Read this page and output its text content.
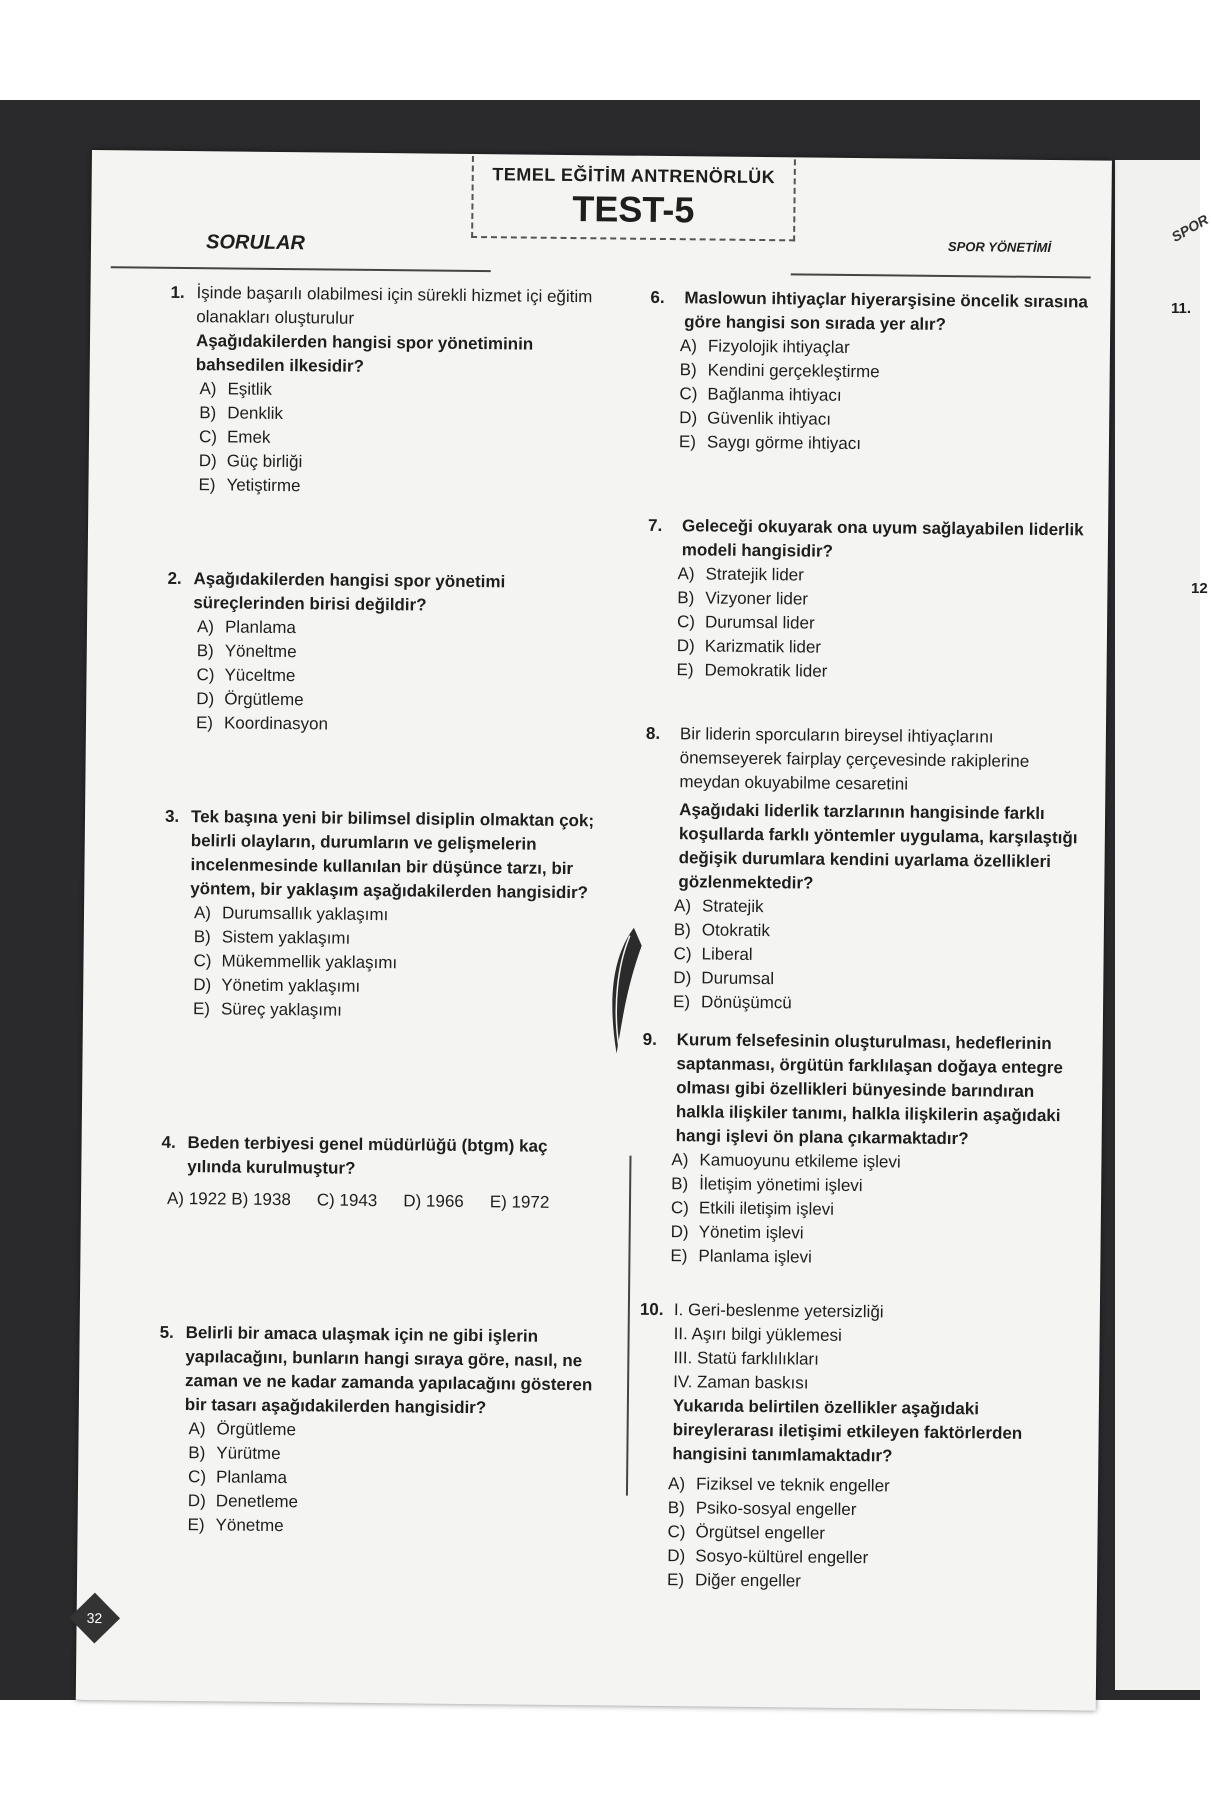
SPOR
11.
12
TEMEL EĞİTİM ANTRENÖRLÜK
TEST-5
SORULAR	SPOR YÖNETİMİ
1. İşinde başarılı olabilmesi için sürekli hizmet içi eğitim olanakları oluşturulur
Aşağıdakilerden hangisi spor yönetiminin bahsedilen ilkesidir?
A) Eşitlik
B) Denklik
C) Emek
D) Güç birliği
E) Yetiştirme
2. Aşağıdakilerden hangisi spor yönetimi süreçlerinden birisi değildir?
A) Planlama
B) Yöneltme
C) Yüceltme
D) Örgütleme
E) Koordinasyon
3. Tek başına yeni bir bilimsel disiplin olmaktan çok; belirli olayların, durumların ve gelişmelerin incelenmesinde kullanılan bir düşünce tarzı, bir yöntem, bir yaklaşım aşağıdakilerden hangisidir?
A) Durumsallık yaklaşımı
B) Sistem yaklaşımı
C) Mükemmellik yaklaşımı
D) Yönetim yaklaşımı
E) Süreç yaklaşımı
4. Beden terbiyesi genel müdürlüğü (btgm) kaç yılında kurulmuştur?
A) 1922 B) 1938 C) 1943 D) 1966 E) 1972
5. Belirli bir amaca ulaşmak için ne gibi işlerin yapılacağını, bunların hangi sıraya göre, nasıl, ne zaman ve ne kadar zamanda yapılacağını gösteren bir tasarı aşağıdakilerden hangisidir?
A) Örgütleme
B) Yürütme
C) Planlama
D) Denetleme
E) Yönetme
6.	Maslowun ihtiyaçlar hiyerarşisine öncelik sırasına göre hangisi son sırada yer alır?
A) Fizyolojik ihtiyaçlar
B) Kendini gerçekleştirme
C) Bağlanma ihtiyacı
D) Güvenlik ihtiyacı
E) Saygı görme ihtiyacı
7.	Geleceği okuyarak ona uyum sağlayabilen liderlik modeli hangisidir?
A) Stratejik lider
B) Vizyoner lider
C) Durumsal lider
D) Karizmatik lider
E) Demokratik lider
8.	Bir liderin sporcuların bireysel ihtiyaçlarını önemseyerek fairplay çerçevesinde rakiplerine meydan okuyabilme cesaretini
Aşağıdaki liderlik tarzlarının hangisinde farklı koşullarda farklı yöntemler uygulama, karşılaştığı değişik durumlara kendini uyarlama özellikleri gözlenmektedir?
A) Stratejik
B) Otokratik
C) Liberal
D) Durumsal
E) Dönüşümcü
9.	Kurum felsefesinin oluşturulması, hedeflerinin saptanması, örgütün farklılaşan doğaya entegre olması gibi özellikleri bünyesinde barındıran halkla ilişkiler tanımı, halkla ilişkilerin aşağıdaki hangi işlevi ön plana çıkarmaktadır?
A) Kamuoyunu etkileme işlevi
B) İletişim yönetimi işlevi
C) Etkili iletişim işlevi
D) Yönetim işlevi
E) Planlama işlevi
10. I. Geri-beslenme yetersizliği
II. Aşırı bilgi yüklemesi
III. Statü farklılıkları
IV. Zaman baskısı
Yukarıda belirtilen özellikler aşağıdaki bireylerarası iletişimi etkileyen faktörlerden hangisini tanımlamaktadır?
A) Fiziksel ve teknik engeller
B) Psiko-sosyal engeller
C) Örgütsel engeller
D) Sosyo-kültürel engeller
E) Diğer engeller
32
